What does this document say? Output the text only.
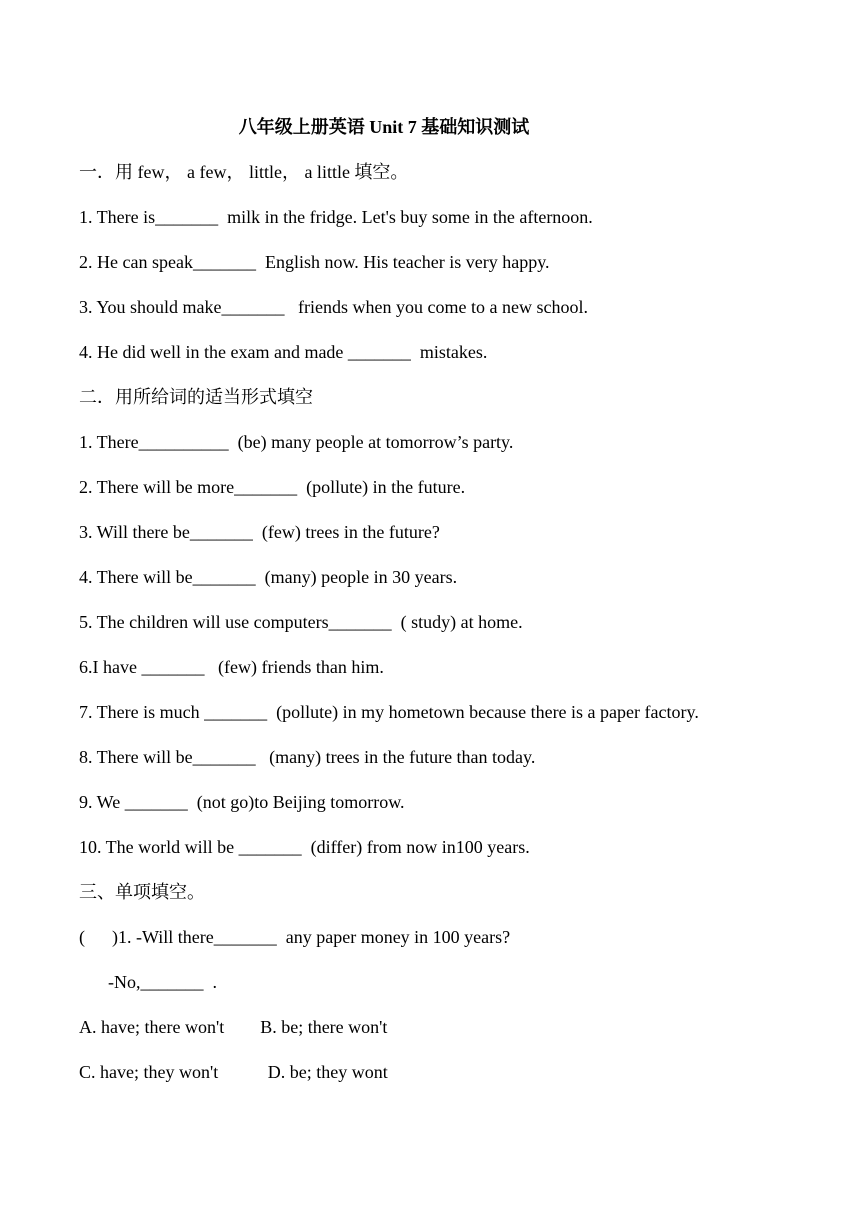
八年级上册英语 Unit 7 基础知识测试
一．用 few， a few， little， a little 填空。
1. There is_______  milk in the fridge. Let's buy some in the afternoon.
2. He can speak_______  English now. His teacher is very happy.
3. You should make_______   friends when you come to a new school.
4. He did well in the exam and made _______  mistakes.
二．用所给词的适当形式填空
1. There__________  (be) many people at tomorrow’s party.
2. There will be more_______  (pollute) in the future.
3. Will there be_______  (few) trees in the future?
4. There will be_______  (many) people in 30 years.
5. The children will use computers_______  ( study) at home.
6.I have _______   (few) friends than him.
7. There is much _______  (pollute) in my hometown because there is a paper factory.
8. There will be_______   (many) trees in the future than today.
9. We _______  (not go)to Beijing tomorrow.
10. The world will be _______  (differ) from now in100 years.
三、单项填空。
(      )1. -Will there_______  any paper money in 100 years?
-No,_______  .
A. have; there won't        B. be; there won't
C. have; they won't           D. be; they wont
